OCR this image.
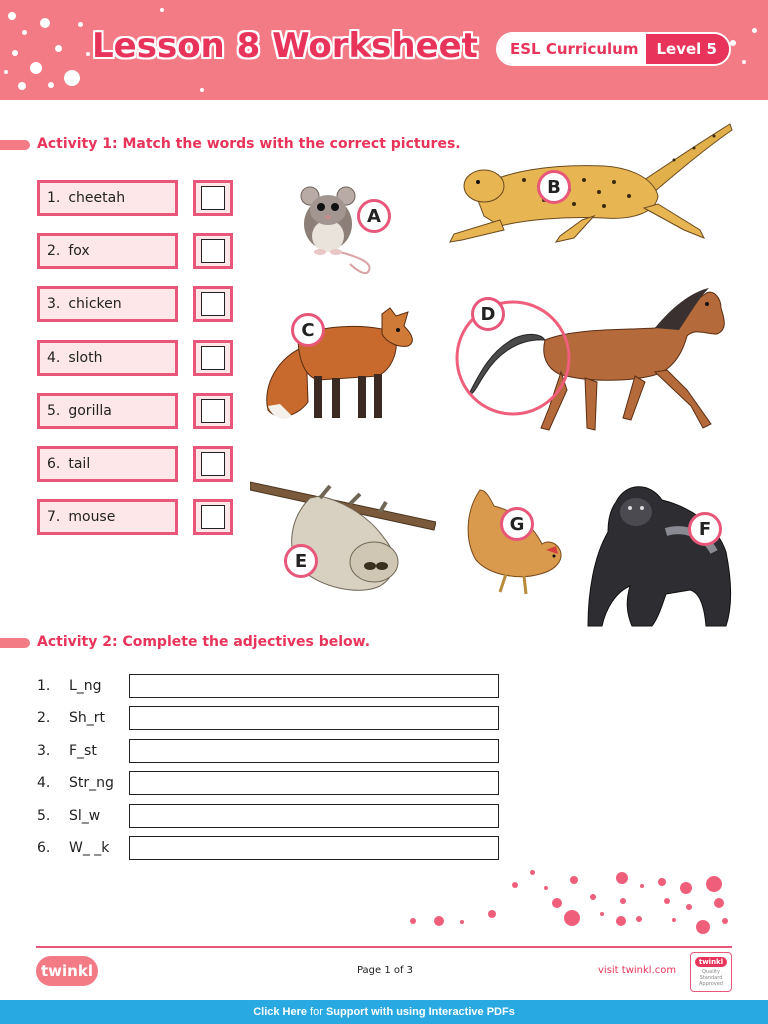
Lesson 8 Worksheet	ESL Curriculum	Level 5
Activity 1: Match the words with the correct pictures.
1. cheetah
2. fox
3. chicken
4. sloth
5. gorilla
6. tail
7. mouse
A
B
C
D
E
G	F
Activity 2: Complete the adjectives below.
1.	L_ng
2.	Sh_rt
3.	F_st
4.	Str_ng
5.	Sl_w
6.	W_ _k
twinkl	Page 1 of 3	visit twinkl.com
twinkl
Quality Standard Approved
Click Here for Support with using Interactive PDFs
